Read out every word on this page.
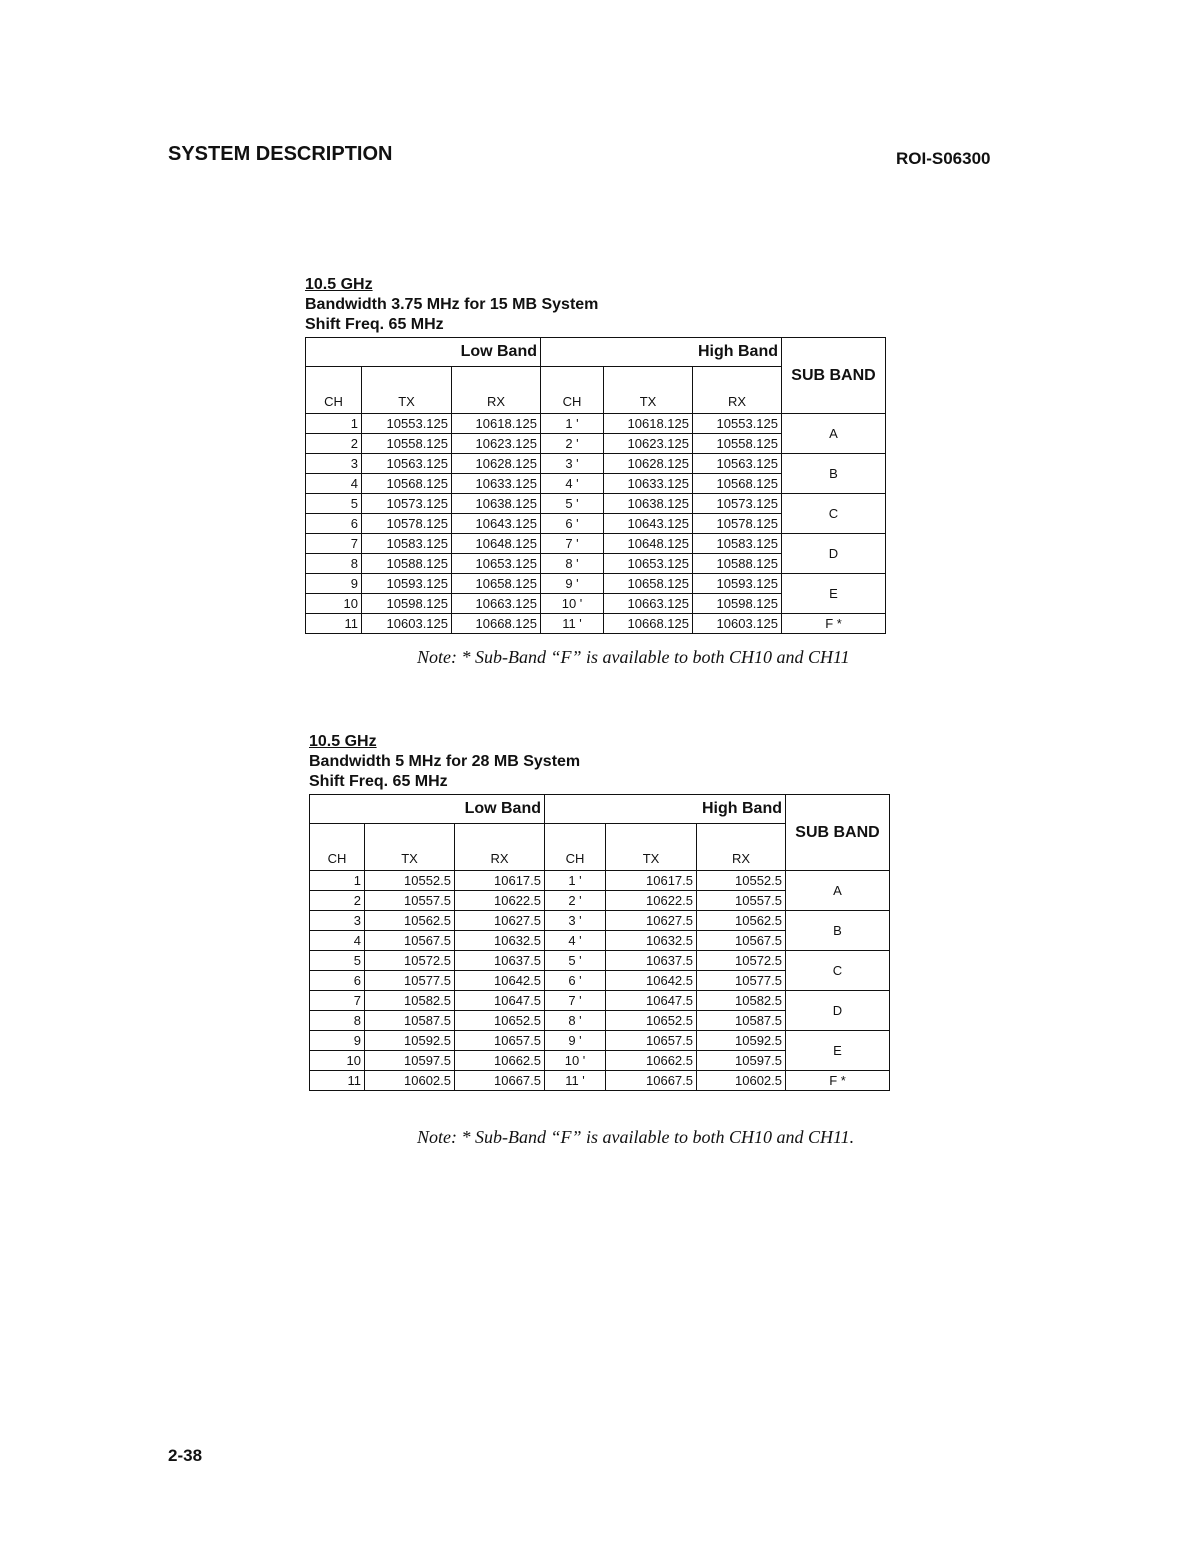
SYSTEM DESCRIPTION	ROI-S06300
10.5 GHz
Bandwidth 3.75 MHz for 15 MB System
Shift Freq. 65 MHz
Low Band			High Band			SUB BAND
CH	TX	RX	CH	TX	RX	
1	10553.125	10618.125	1 '	10618.125	10553.125	A
2	10558.125	10623.125	2 '	10623.125	10558.125	
3	10563.125	10628.125	3 '	10628.125	10563.125	B
4	10568.125	10633.125	4 '	10633.125	10568.125	
5	10573.125	10638.125	5 '	10638.125	10573.125	C
6	10578.125	10643.125	6 '	10643.125	10578.125	
7	10583.125	10648.125	7 '	10648.125	10583.125	D
8	10588.125	10653.125	8 '	10653.125	10588.125	
9	10593.125	10658.125	9 '	10658.125	10593.125	E
10	10598.125	10663.125	10 '	10663.125	10598.125	
11	10603.125	10668.125	11 '	10668.125	10603.125	F *
Note: * Sub-Band “F” is available to both CH10 and CH11
10.5 GHz
Bandwidth 5 MHz for 28 MB System
Shift Freq. 65 MHz
Low Band			High Band			SUB BAND
CH	TX	RX	CH	TX	RX	
1	10552.5	10617.5	1 '	10617.5	10552.5	A
2	10557.5	10622.5	2 '	10622.5	10557.5	
3	10562.5	10627.5	3 '	10627.5	10562.5	B
4	10567.5	10632.5	4 '	10632.5	10567.5	
5	10572.5	10637.5	5 '	10637.5	10572.5	C
6	10577.5	10642.5	6 '	10642.5	10577.5	
7	10582.5	10647.5	7 '	10647.5	10582.5	D
8	10587.5	10652.5	8 '	10652.5	10587.5	
9	10592.5	10657.5	9 '	10657.5	10592.5	E
10	10597.5	10662.5	10 '	10662.5	10597.5	
11	10602.5	10667.5	11 '	10667.5	10602.5	F *
Note: * Sub-Band “F” is available to both CH10 and CH11.
2-38
